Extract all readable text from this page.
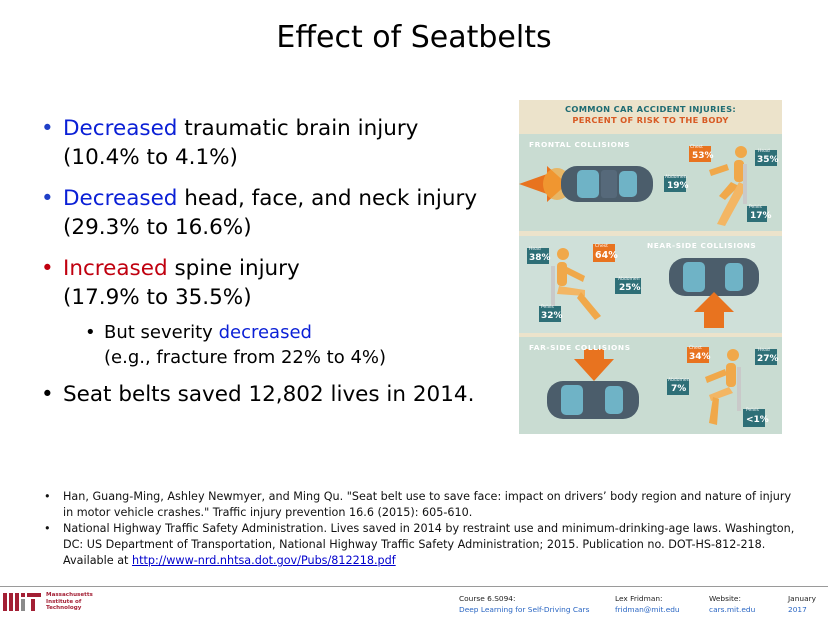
Effect of Seatbelts
• Decreased traumatic brain injury
(10.4% to 4.1%)
• Decreased head, face, and neck injury
(29.3% to 16.6%)
• Increased spine injury
(17.9% to 35.5%)
• But severity decreased
(e.g., fracture from 22% to 4%)
• Seat belts saved 12,802 lives in 2014.
COMMON CAR ACCIDENT INJURIES:
PERCENT OF RISK TO THE BODY
FRONTAL COLLISIONS	Chest
53%	Head
35%
Abdomen
19%
Pelvis
17%
NEAR-SIDE COLLISIONS
Head
38%
Chest
64%
Abdomen
25%
Pelvis
32%
FAR-SIDE COLLISIONS	Chest
34%
Head
27%
Abdomen
7%
Pelvis
<1%
• Han, Guang-Ming, Ashley Newmyer, and Ming Qu. "Seat belt use to save face: impact on drivers’ body region and nature of injury in motor vehicle crashes." Traffic injury prevention 16.6 (2015): 605-610.
• National Highway Traffic Safety Administration. Lives saved in 2014 by restraint use and minimum-drinking-age laws. Washington, DC: US Department of Transportation, National Highway Traffic Safety Administration; 2015. Publication no. DOT-HS-812-218. Available at http://www-nrd.nhtsa.dot.gov/Pubs/812218.pdf
Massachusetts
Institute of
Technology
Course 6.S094:
Deep Learning for Self-Driving Cars
Lex Fridman:
fridman@mit.edu
Website:
cars.mit.edu
January
2017
